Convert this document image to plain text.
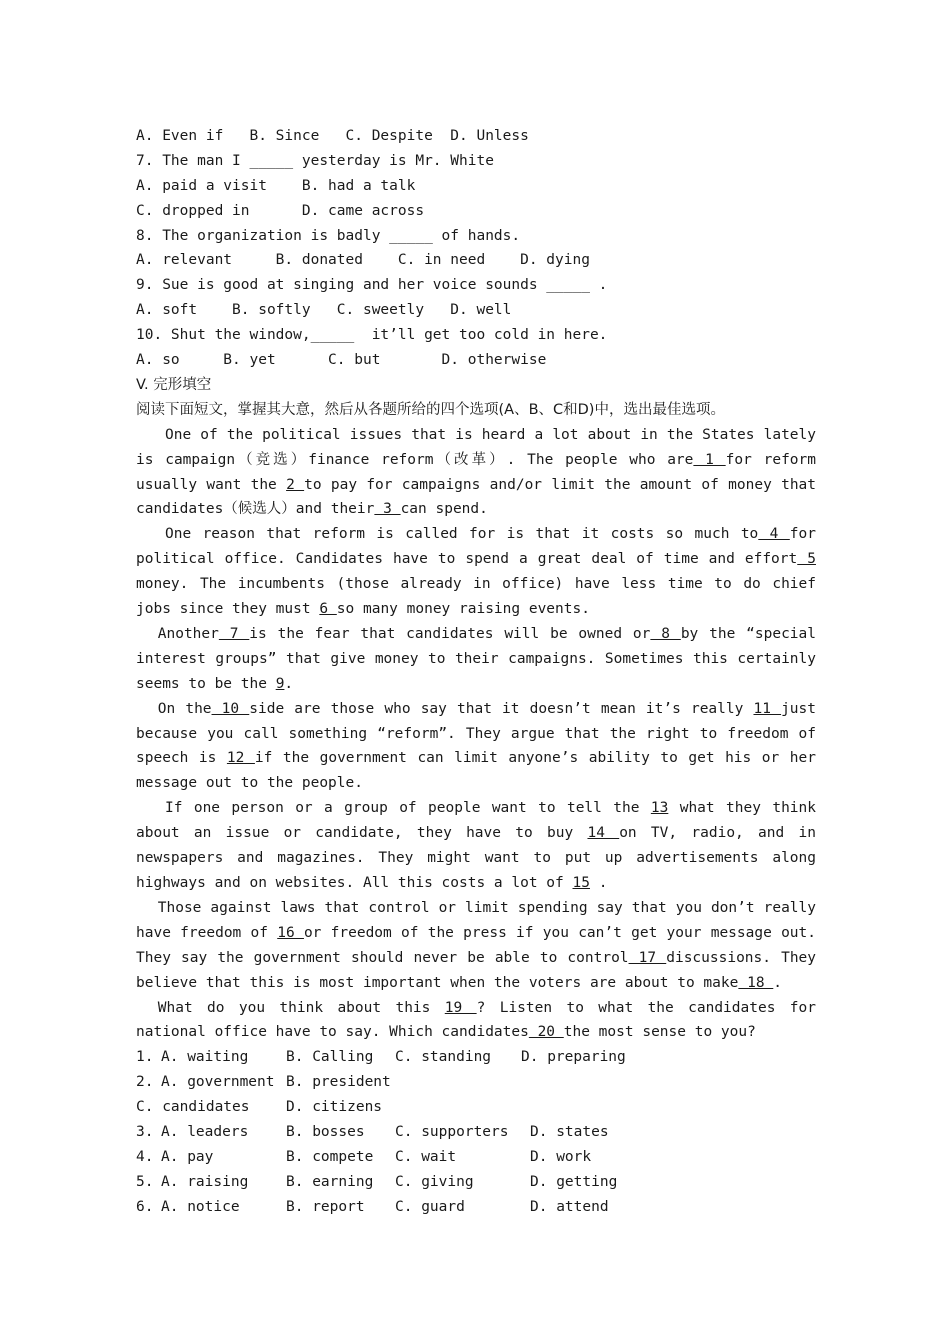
A. Even if   B. Since   C. Despite  D. Unless
7. The man I _____ yesterday is Mr. White
A. paid a visit    B. had a talk
C. dropped in      D. came across
8. The organization is badly _____ of hands.
A. relevant     B. donated    C. in need    D. dying
9. Sue is good at singing and her voice sounds _____ .
A. soft    B. softly   C. sweetly   D. well
10. Shut the window,_____  it’ll get too cold in here.
A. so     B. yet      C. but       D. otherwise
V. 完形填空
阅读下面短文，掌握其大意，然后从各题所给的四个选项(A、B、C和D)中，选出最佳选项。
One of the political issues that is heard a lot about in the States lately is campaign（竞选）finance reform（改革）. The people who are 1 for reform usually want the 2 to pay for campaigns and/or limit the amount of money that candidates（候选人）and their 3 can spend.
One reason that reform is called for is that it costs so much to 4 for political office. Candidates have to spend a great deal of time and effort 5 money. The incumbents (those already in office) have less time to do chief jobs since they must 6 so many money raising events.
Another 7 is the fear that candidates will be owned or 8 by the “special interest groups” that give money to their campaigns. Sometimes this certainly seems to be the 9.
On the 10 side are those who say that it doesn’t mean it’s really 11 just because you call something “reform”. They argue that the right to freedom of speech is 12 if the government can limit anyone’s ability to get his or her message out to the people.
If one person or a group of people want to tell the 13 what they think about an issue or candidate, they have to buy 14 on TV, radio, and in newspapers and magazines. They might want to put up advertisements along highways and on websites. All this costs a lot of 15 .
Those against laws that control or limit spending say that you don’t really have freedom of 16 or freedom of the press if you can’t get your message out. They say the government should never be able to control 17 discussions. They believe that this is most important when the voters are about to make 18 .
What do you think about this 19 ? Listen to what the candidates for national office have to say. Which candidates 20 the most sense to you?
1. A. waiting	B. Calling C. standing D. preparing
2. A. government B. president
C. candidates	D. citizens
3. A. leaders	B. bosses C. supporters D. states
4. A. pay	B. compete C. wait	D. work
5. A. raising	B. earning C. giving	D. getting
6. A. notice	B. report C. guard	D. attend
